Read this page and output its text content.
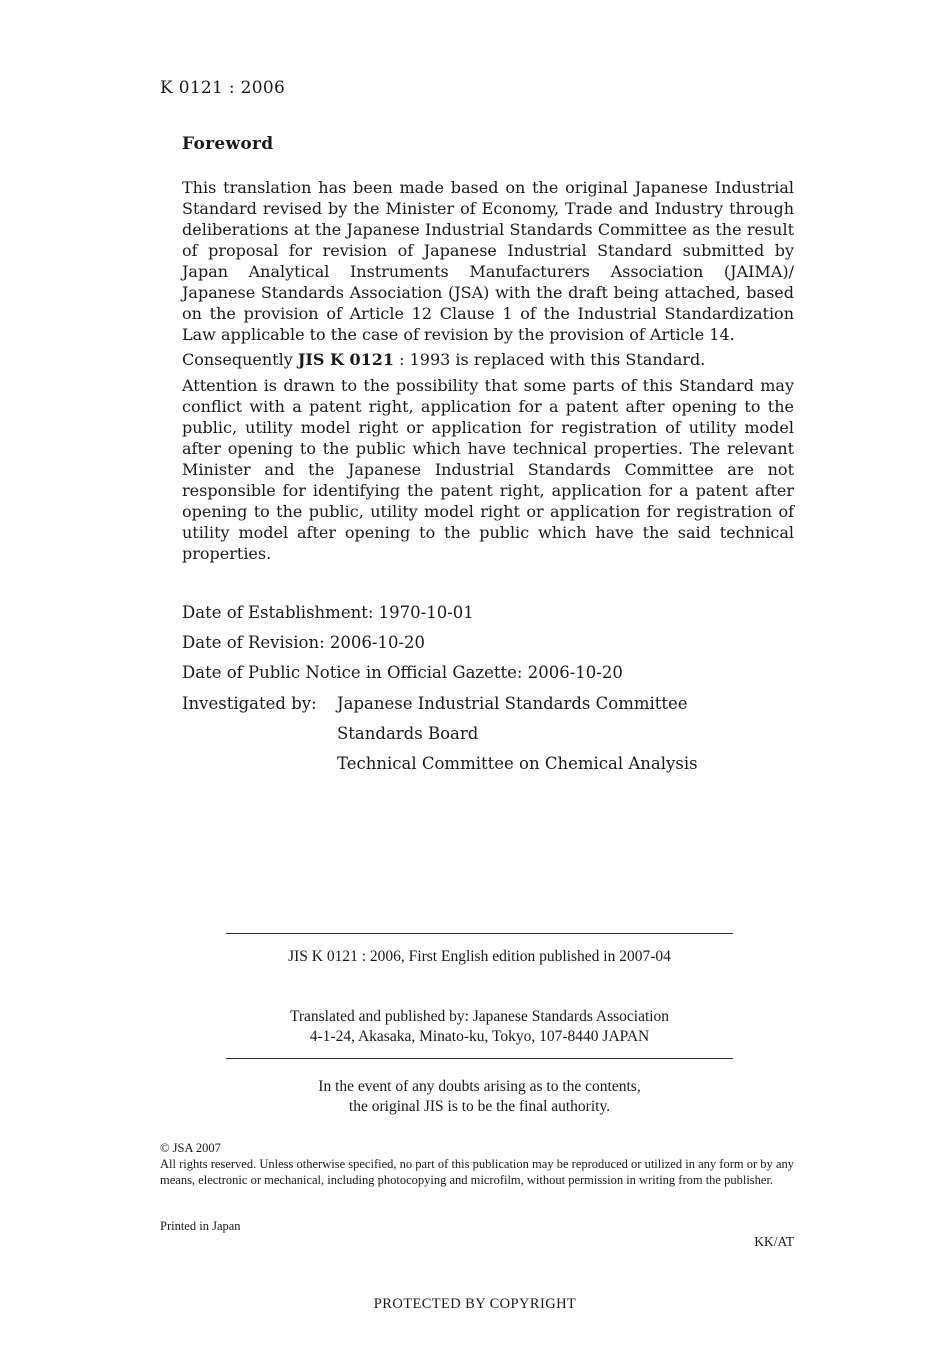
K 0121 : 2006
Foreword
This translation has been made based on the original Japanese Industrial Standard revised by the Minister of Economy, Trade and Industry through deliberations at the Japanese Industrial Standards Committee as the result of proposal for revision of Japanese Industrial Standard submitted by Japan Analytical Instruments Manufacturers Association (JAIMA)/ Japanese Standards Association (JSA) with the draft being attached, based on the provision of Article 12 Clause 1 of the Industrial Standardization Law applicable to the case of revision by the provision of Article 14.
Consequently JIS K 0121 : 1993 is replaced with this Standard.
Attention is drawn to the possibility that some parts of this Standard may conflict with a patent right, application for a patent after opening to the public, utility model right or application for registration of utility model after opening to the public which have technical properties. The relevant Minister and the Japanese Industrial Standards Committee are not responsible for identifying the patent right, application for a patent after opening to the public, utility model right or application for registration of utility model after opening to the public which have the said technical properties.
Date of Establishment: 1970-10-01
Date of Revision: 2006-10-20
Date of Public Notice in Official Gazette: 2006-10-20
Investigated by: Japanese Industrial Standards Committee
Standards Board
Technical Committee on Chemical Analysis
JIS K 0121 : 2006, First English edition published in 2007-04
Translated and published by: Japanese Standards Association
4-1-24, Akasaka, Minato-ku, Tokyo, 107-8440 JAPAN
In the event of any doubts arising as to the contents,
the original JIS is to be the final authority.
© JSA 2007
All rights reserved. Unless otherwise specified, no part of this publication may be reproduced or utilized in any form or by any means, electronic or mechanical, including photocopying and microfilm, without permission in writing from the publisher.
Printed in Japan
KK/AT
PROTECTED BY COPYRIGHT
